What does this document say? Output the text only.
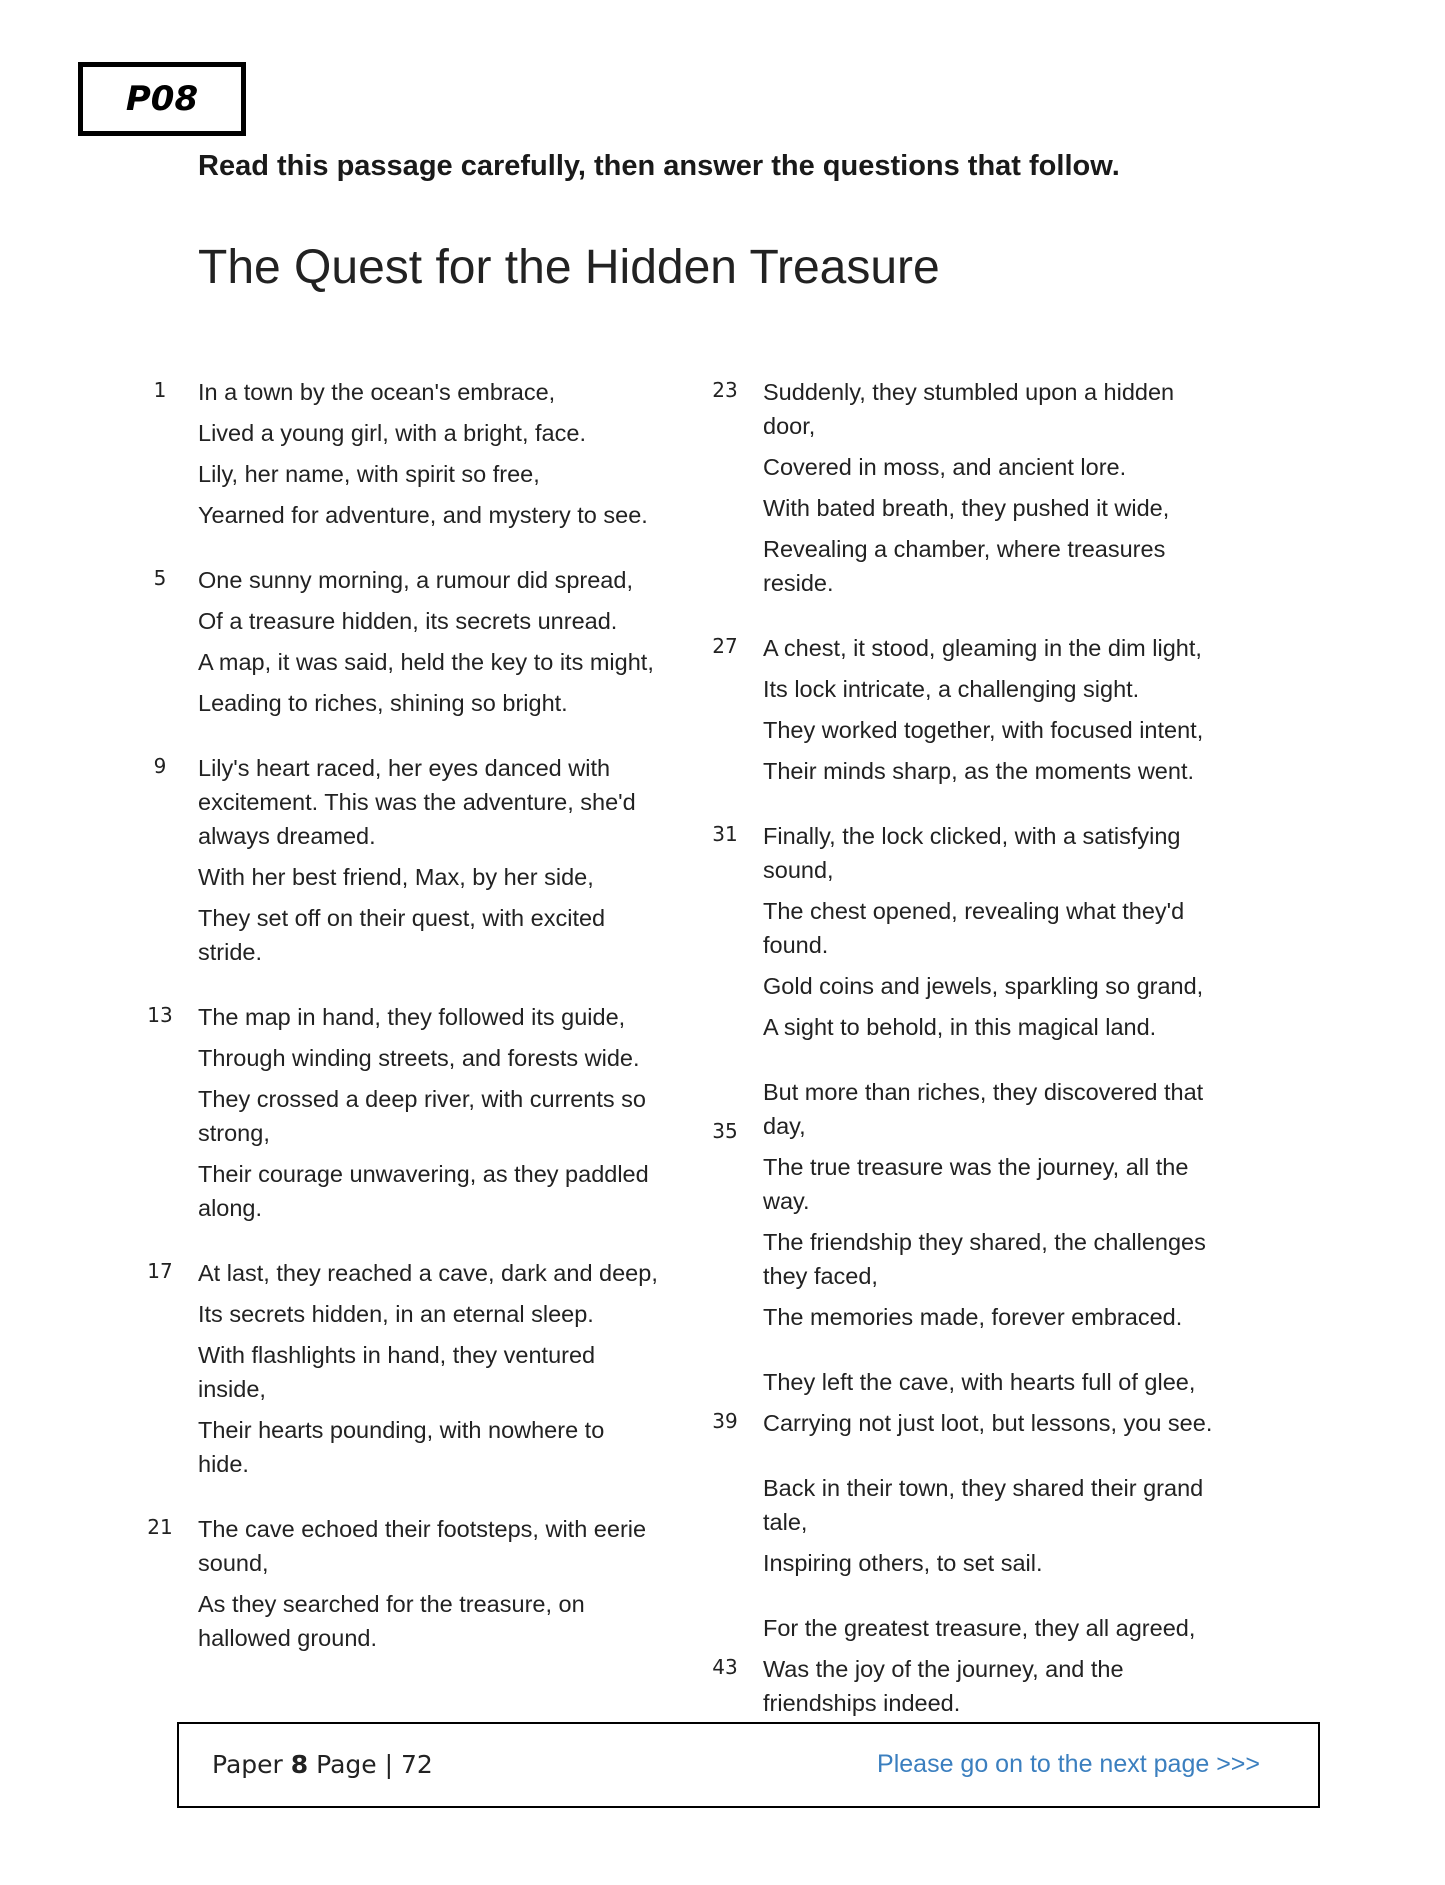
P08
Read this passage carefully, then answer the questions that follow.
The Quest for the Hidden Treasure
1	In a town by the ocean's embrace,
Lived a young girl, with a bright, face.
Lily, her name, with spirit so free,
Yearned for adventure, and mystery to see.
5	One sunny morning, a rumour did spread,
Of a treasure hidden, its secrets unread.
A map, it was said, held the key to its might,
Leading to riches, shining so bright.
9	Lily's heart raced, her eyes danced with excitement. This was the adventure, she'd always dreamed.
With her best friend, Max, by her side,
They set off on their quest, with excited stride.
13	The map in hand, they followed its guide,
Through winding streets, and forests wide.
They crossed a deep river, with currents so strong,
Their courage unwavering, as they paddled along.
17	At last, they reached a cave, dark and deep,
Its secrets hidden, in an eternal sleep.
With flashlights in hand, they ventured inside,
Their hearts pounding, with nowhere to hide.
21	The cave echoed their footsteps, with eerie sound,
As they searched for the treasure, on hallowed ground.
23	Suddenly, they stumbled upon a hidden door,
Covered in moss, and ancient lore.
With bated breath, they pushed it wide,
Revealing a chamber, where treasures reside.
27	A chest, it stood, gleaming in the dim light,
Its lock intricate, a challenging sight.
They worked together, with focused intent,
Their minds sharp, as the moments went.
31	Finally, the lock clicked, with a satisfying sound,
The chest opened, revealing what they'd found.
Gold coins and jewels, sparkling so grand,
A sight to behold, in this magical land.
35
But more than riches, they discovered that day,
The true treasure was the journey, all the way.
The friendship they shared, the challenges they faced,
The memories made, forever embraced.
39
They left the cave, with hearts full of glee,
Carrying not just loot, but lessons, you see.
Back in their town, they shared their grand tale,
Inspiring others, to set sail.
43
For the greatest treasure, they all agreed,
Was the joy of the journey, and the friendships indeed.
Paper 8 Page | 72	Please go on to the next page >>>
